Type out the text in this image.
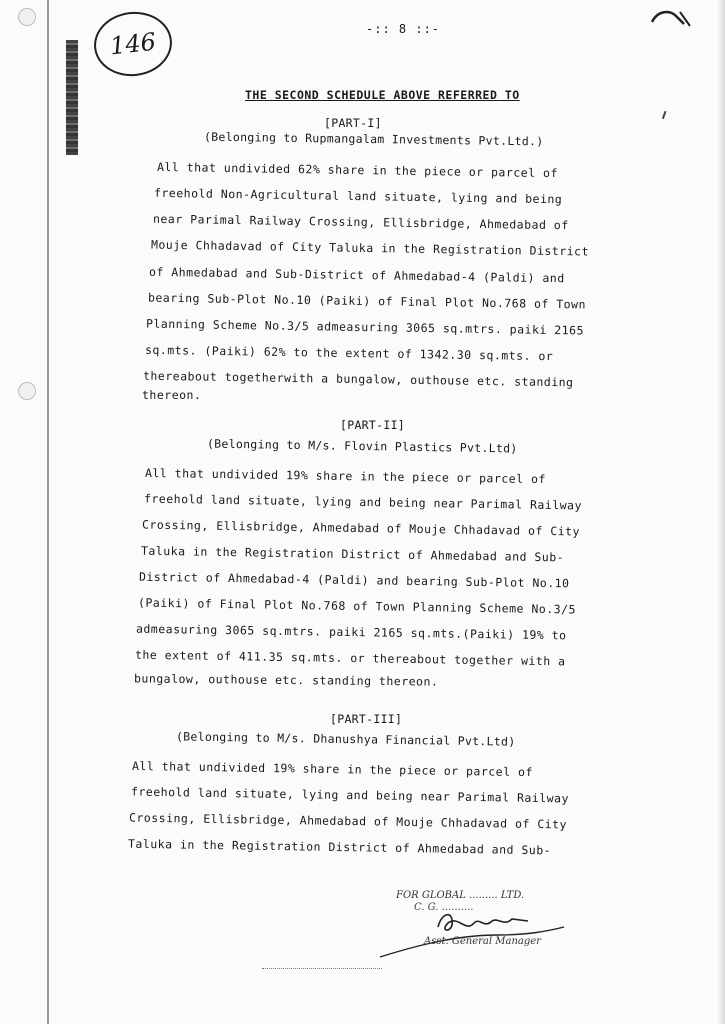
146	-:: 8 ::-
THE SECOND SCHEDULE ABOVE REFERRED TO
[PART-I]
(Belonging to Rupmangalam Investments Pvt.Ltd.)
All that undivided 62% share in the piece or parcel of
freehold Non-Agricultural land situate, lying and being
near Parimal Railway Crossing, Ellisbridge, Ahmedabad of
Mouje Chhadavad of City Taluka in the Registration District
of Ahmedabad and Sub-District of Ahmedabad-4 (Paldi) and
bearing Sub-Plot No.10 (Paiki) of Final Plot No.768 of Town
Planning Scheme No.3/5 admeasuring 3065 sq.mtrs. paiki 2165
sq.mts. (Paiki) 62% to the extent of 1342.30 sq.mts. or
thereabout togetherwith a bungalow, outhouse etc. standing
thereon.
[PART-II]
(Belonging to M/s. Flovin Plastics Pvt.Ltd)
All that undivided 19% share in the piece or parcel of
freehold land situate, lying and being near Parimal Railway
Crossing, Ellisbridge, Ahmedabad of Mouje Chhadavad of City
Taluka in the Registration District of Ahmedabad and Sub-
District of Ahmedabad-4 (Paldi) and bearing Sub-Plot No.10
(Paiki) of Final Plot No.768 of Town Planning Scheme No.3/5
admeasuring 3065 sq.mtrs. paiki 2165 sq.mts.(Paiki) 19% to
the extent of 411.35 sq.mts. or thereabout together with a
bungalow, outhouse etc. standing thereon.
[PART-III]
(Belonging to M/s. Dhanushya Financial Pvt.Ltd)
All that undivided 19% share in the piece or parcel of
freehold land situate, lying and being near Parimal Railway
Crossing, Ellisbridge, Ahmedabad of Mouje Chhadavad of City
Taluka in the Registration District of Ahmedabad and Sub-
FOR GLOBAL ......... LTD.
C. G. ..........
Asst. General Manager
